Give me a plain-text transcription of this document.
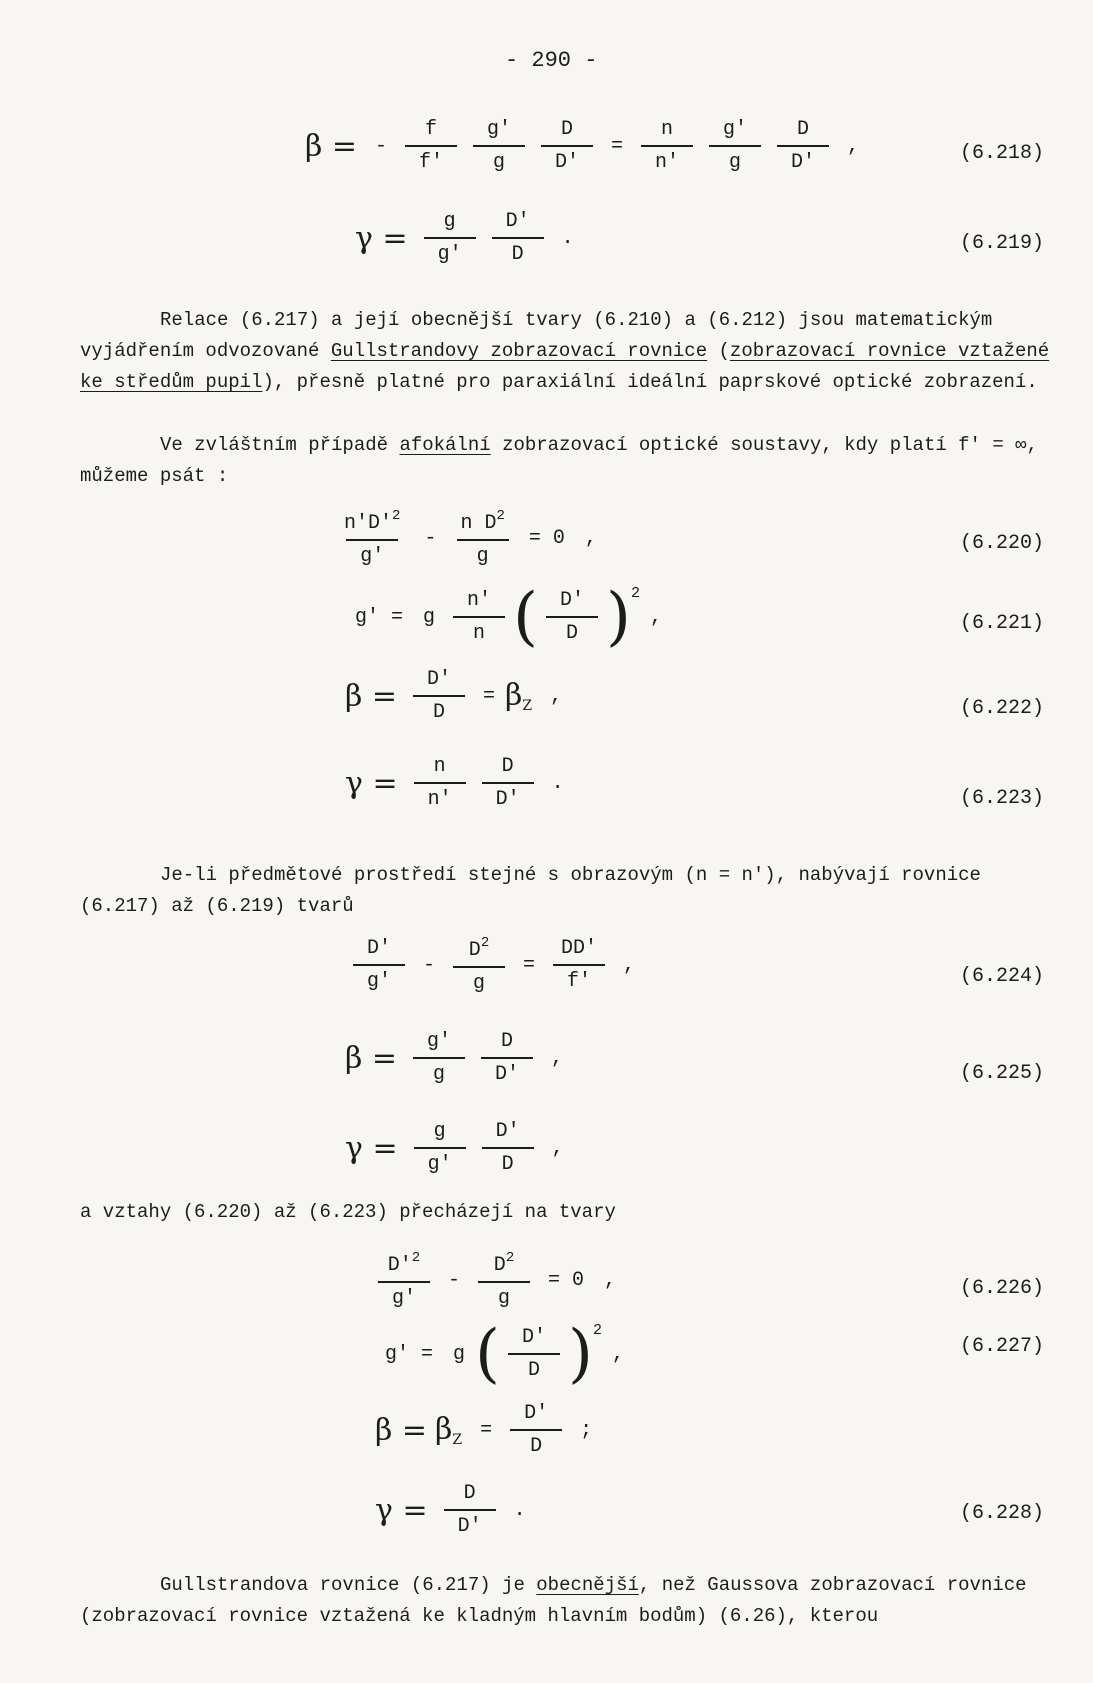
- 290 -
β = - $\frac{f}{f'} \frac{g'}{g} \frac{D}{D'} = \frac{n}{n'} \frac{g'}{g} \frac{D}{D'}$ ,	(6.218)
$\gamma = \frac{g}{g'} \frac{D'}{D}$ .	(6.219)

Relace (6.217) a její obecnější tvary (6.210) a (6.212) jsou matematickým vyjádřením odvozované Gullstrandovy zobrazovací rovnice (zobrazovací rovnice vztažené ke středům pupil), přesně platné pro paraxiální ideální paprskové optické zobrazení.

Ve zvláštním případě afokální zobrazovací optické soustavy, kdy platí f′ = ∞, můžeme psát :

$\frac{n'D'^2}{g'} - \frac{n D^2}{g} = 0$ ,	(6.220)
g′ = g $\frac{n'}{n}$ ( $\frac{D'}{D}$ ) 2
,	(6.221)
$\beta = \frac{D'}{D} = \beta_Z$ ,
(6.222)
$\gamma = \frac{n}{n'} \frac{D}{D'}$ .
(6.223)

Je-li předmětové prostředí stejné s obrazovým (n = n′), nabývají rovnice (6.217) až (6.219) tvarů

$\frac{D'}{g'} - \frac{D^2}{g} = \frac{DD'}{f'}$ ,	(6.224)
$\beta = \frac{g'}{g} \frac{D}{D'}$ ,
(6.225)
$\gamma = \frac{g}{g'} \frac{D'}{D}$ ,

a vztahy (6.220) až (6.223) přecházejí na tvary

$\frac{D'^2}{g'} - \frac{D^2}{g} = 0$ ,	(6.226)
g′ = g ( $\frac{D'}{D}$ ) 2
,	(6.227)
$\beta = \beta_Z = \frac{D'}{D}$ ;
$\gamma = \frac{D}{D'}$ .	(6.228)

Gullstrandova rovnice (6.217) je obecnější, než Gaussova zobrazovací rovnice (zobrazovací rovnice vztažená ke kladným hlavním bodům) (6.26), kterou
